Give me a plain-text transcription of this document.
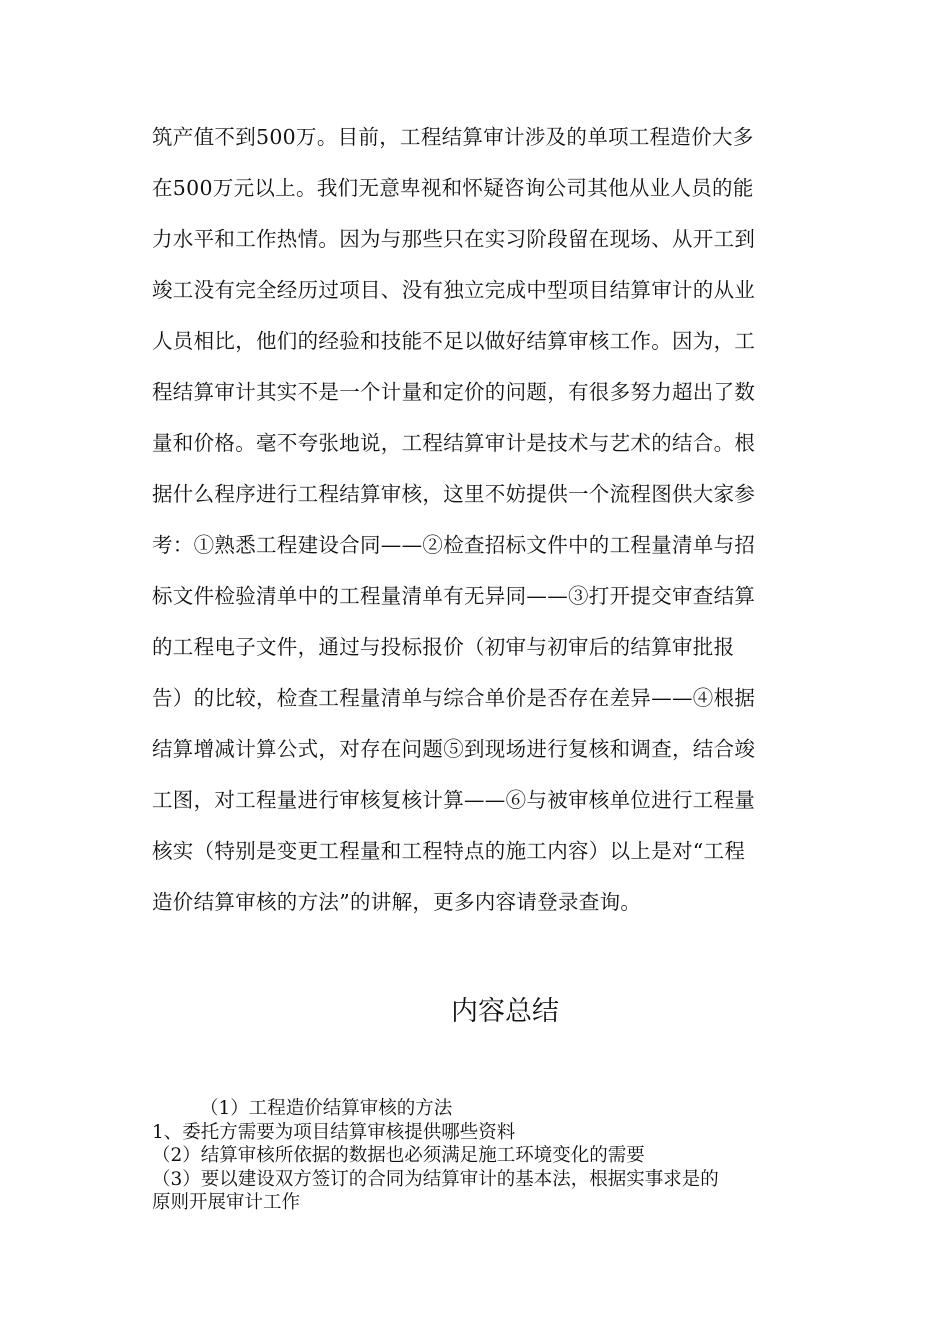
筑产值不到500万。目前，工程结算审计涉及的单项工程造价大多
在500万元以上。我们无意卑视和怀疑咨询公司其他从业人员的能
力水平和工作热情。因为与那些只在实习阶段留在现场、从开工到
竣工没有完全经历过项目、没有独立完成中型项目结算审计的从业
人员相比，他们的经验和技能不足以做好结算审核工作。因为，工
程结算审计其实不是一个计量和定价的问题，有很多努力超出了数
量和价格。毫不夸张地说，工程结算审计是技术与艺术的结合。根
据什么程序进行工程结算审核，这里不妨提供一个流程图供大家参
考：①熟悉工程建设合同——②检查招标文件中的工程量清单与招
标文件检验清单中的工程量清单有无异同——③打开提交审查结算
的工程电子文件，通过与投标报价（初审与初审后的结算审批报
告）的比较，检查工程量清单与综合单价是否存在差异——④根据
结算增减计算公式，对存在问题⑤到现场进行复核和调查，结合竣
工图，对工程量进行审核复核计算——⑥与被审核单位进行工程量
核实（特别是变更工程量和工程特点的施工内容）以上是对“工程
造价结算审核的方法”的讲解，更多内容请登录查询。
内容总结
（1）工程造价结算审核的方法
1、委托方需要为项目结算审核提供哪些资料
（2）结算审核所依据的数据也必须满足施工环境变化的需要
（3）要以建设双方签订的合同为结算审计的基本法，根据实事求是的
原则开展审计工作
